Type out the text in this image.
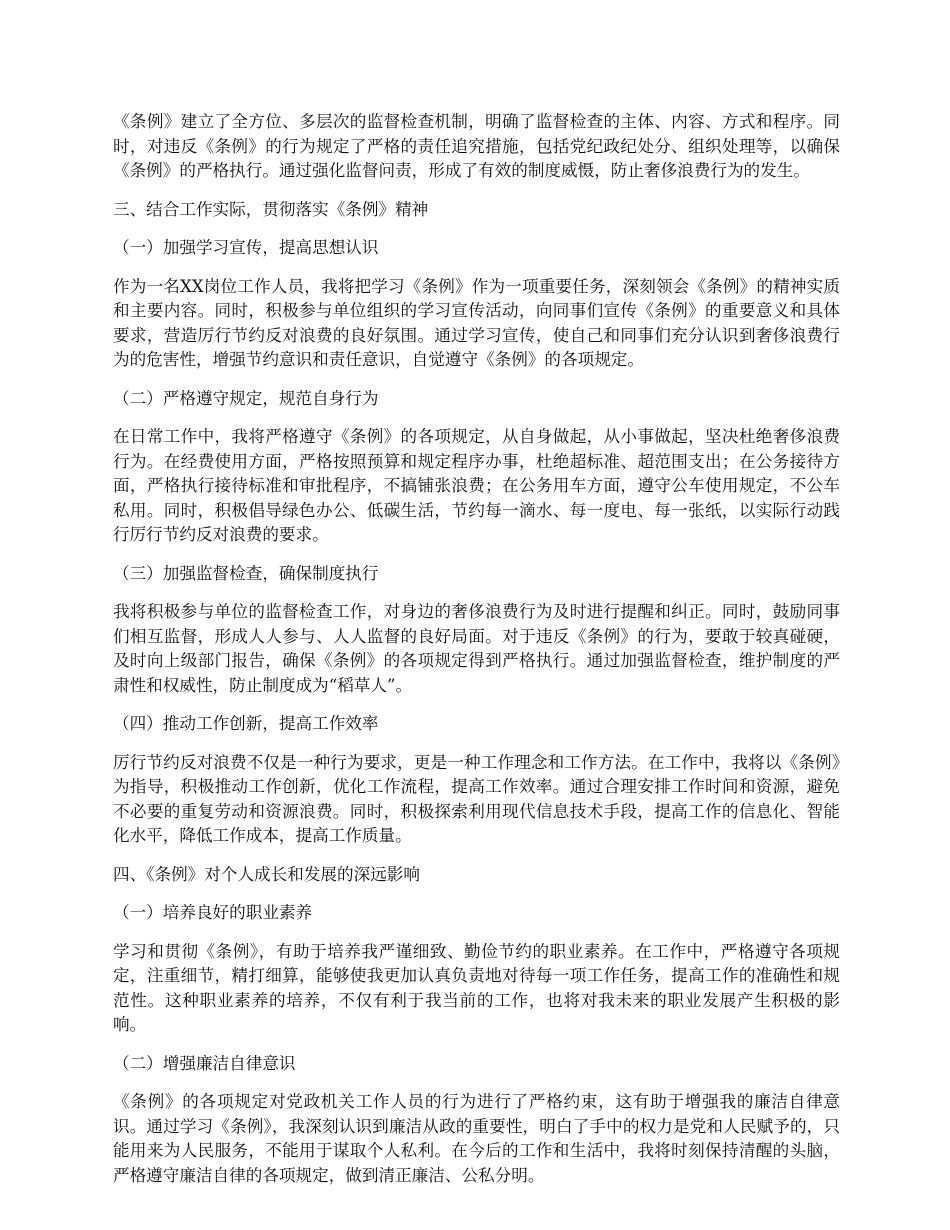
《条例》建立了全方位、多层次的监督检查机制，明确了监督检查的主体、内容、方式和程序。同时，对违反《条例》的行为规定了严格的责任追究措施，包括党纪政纪处分、组织处理等，以确保《条例》的严格执行。通过强化监督问责，形成了有效的制度威慑，防止奢侈浪费行为的发生。

三、结合工作实际，贯彻落实《条例》精神

（一）加强学习宣传，提高思想认识

作为一名XX岗位工作人员，我将把学习《条例》作为一项重要任务，深刻领会《条例》的精神实质和主要内容。同时，积极参与单位组织的学习宣传活动，向同事们宣传《条例》的重要意义和具体要求，营造厉行节约反对浪费的良好氛围。通过学习宣传，使自己和同事们充分认识到奢侈浪费行为的危害性，增强节约意识和责任意识，自觉遵守《条例》的各项规定。

（二）严格遵守规定，规范自身行为

在日常工作中，我将严格遵守《条例》的各项规定，从自身做起，从小事做起，坚决杜绝奢侈浪费行为。在经费使用方面，严格按照预算和规定程序办事，杜绝超标准、超范围支出；在公务接待方面，严格执行接待标准和审批程序，不搞铺张浪费；在公务用车方面，遵守公车使用规定，不公车私用。同时，积极倡导绿色办公、低碳生活，节约每一滴水、每一度电、每一张纸，以实际行动践行厉行节约反对浪费的要求。

（三）加强监督检查，确保制度执行

我将积极参与单位的监督检查工作，对身边的奢侈浪费行为及时进行提醒和纠正。同时，鼓励同事们相互监督，形成人人参与、人人监督的良好局面。对于违反《条例》的行为，要敢于较真碰硬，及时向上级部门报告，确保《条例》的各项规定得到严格执行。通过加强监督检查，维护制度的严肃性和权威性，防止制度成为“稻草人”。

（四）推动工作创新，提高工作效率

厉行节约反对浪费不仅是一种行为要求，更是一种工作理念和工作方法。在工作中，我将以《条例》为指导，积极推动工作创新，优化工作流程，提高工作效率。通过合理安排工作时间和资源，避免不必要的重复劳动和资源浪费。同时，积极探索利用现代信息技术手段，提高工作的信息化、智能化水平，降低工作成本，提高工作质量。

四、《条例》对个人成长和发展的深远影响

（一）培养良好的职业素养

学习和贯彻《条例》，有助于培养我严谨细致、勤俭节约的职业素养。在工作中，严格遵守各项规定，注重细节，精打细算，能够使我更加认真负责地对待每一项工作任务，提高工作的准确性和规范性。这种职业素养的培养，不仅有利于我当前的工作，也将对我未来的职业发展产生积极的影响。

（二）增强廉洁自律意识

《条例》的各项规定对党政机关工作人员的行为进行了严格约束，这有助于增强我的廉洁自律意识。通过学习《条例》，我深刻认识到廉洁从政的重要性，明白了手中的权力是党和人民赋予的，只能用来为人民服务，不能用于谋取个人私利。在今后的工作和生活中，我将时刻保持清醒的头脑，严格遵守廉洁自律的各项规定，做到清正廉洁、公私分明。
